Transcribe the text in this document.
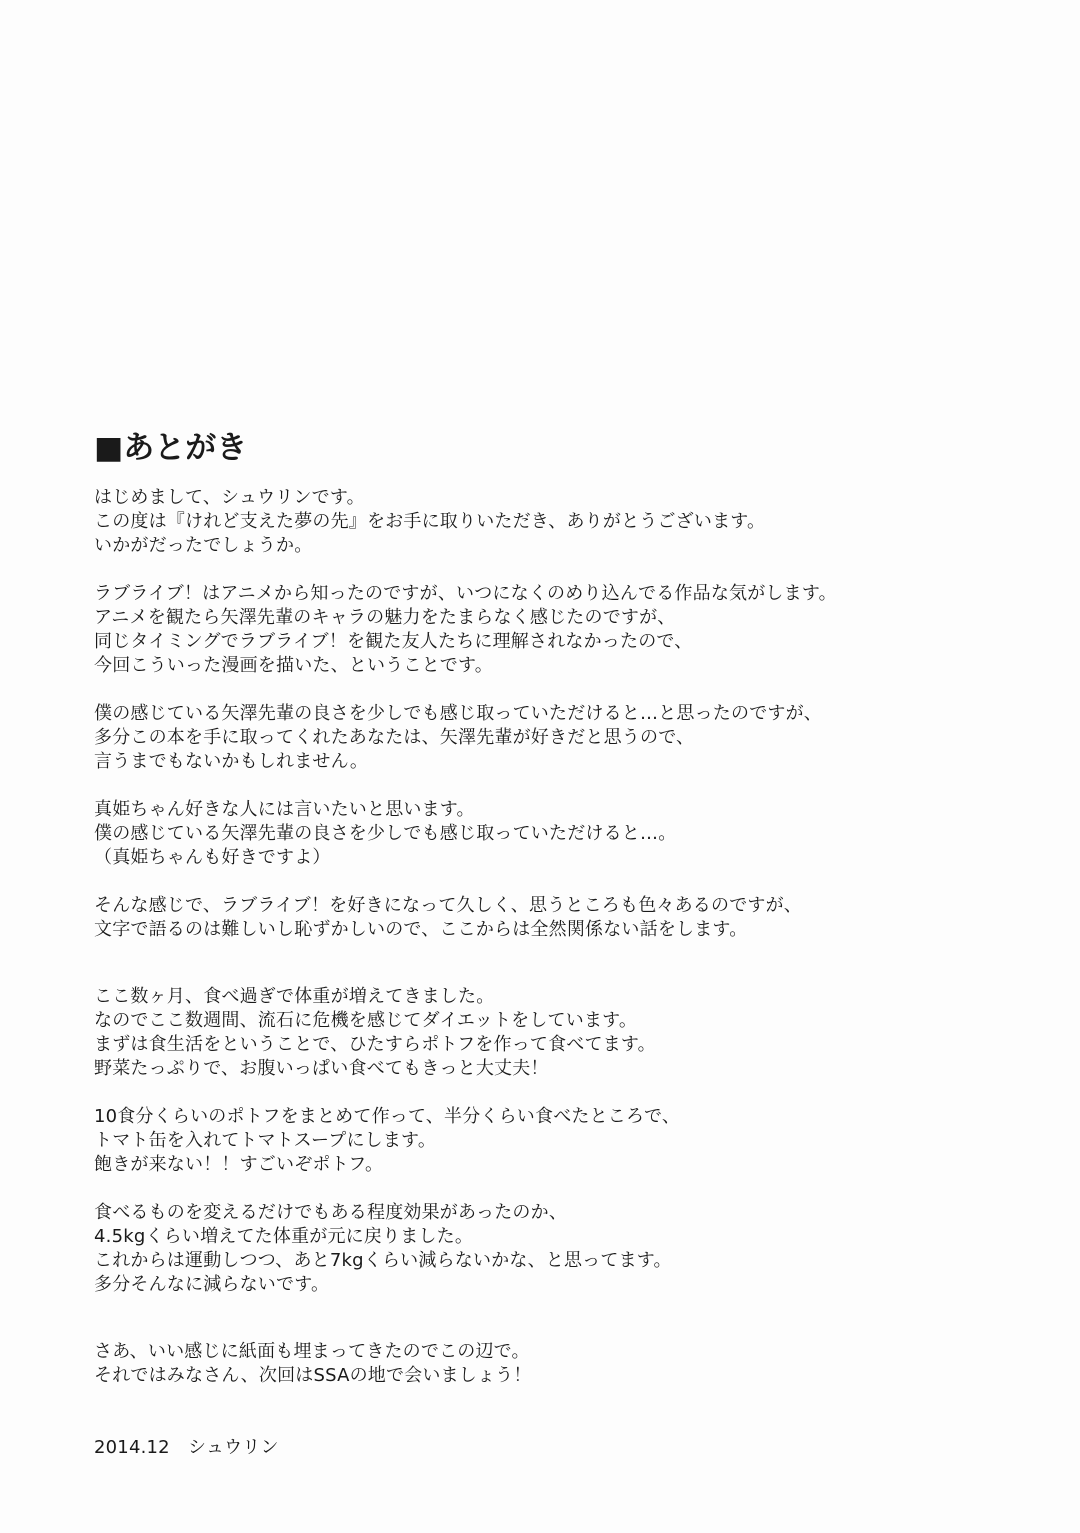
■あとがき
はじめまして、シュウリンです。
この度は『けれど支えた夢の先』をお手に取りいただき、ありがとうございます。
いかがだったでしょうか。
ラブライブ！はアニメから知ったのですが、いつになくのめり込んでる作品な気がします。
アニメを観たら矢澤先輩のキャラの魅力をたまらなく感じたのですが、
同じタイミングでラブライブ！を観た友人たちに理解されなかったので、
今回こういった漫画を描いた、ということです。
僕の感じている矢澤先輩の良さを少しでも感じ取っていただけると…と思ったのですが、
多分この本を手に取ってくれたあなたは、矢澤先輩が好きだと思うので、
言うまでもないかもしれません。
真姫ちゃん好きな人には言いたいと思います。
僕の感じている矢澤先輩の良さを少しでも感じ取っていただけると…。
（真姫ちゃんも好きですよ）
そんな感じで、ラブライブ！を好きになって久しく、思うところも色々あるのですが、
文字で語るのは難しいし恥ずかしいので、ここからは全然関係ない話をします。
ここ数ヶ月、食べ過ぎで体重が増えてきました。
なのでここ数週間、流石に危機を感じてダイエットをしています。
まずは食生活をということで、ひたすらポトフを作って食べてます。
野菜たっぷりで、お腹いっぱい食べてもきっと大丈夫！
10食分くらいのポトフをまとめて作って、半分くらい食べたところで、
トマト缶を入れてトマトスープにします。
飽きが来ない！！すごいぞポトフ。
食べるものを変えるだけでもある程度効果があったのか、
4.5kgくらい増えてた体重が元に戻りました。
これからは運動しつつ、あと7kgくらい減らないかな、と思ってます。
多分そんなに減らないです。
さあ、いい感じに紙面も埋まってきたのでこの辺で。
それではみなさん、次回はSSAの地で会いましょう！
2014.12　シュウリン
